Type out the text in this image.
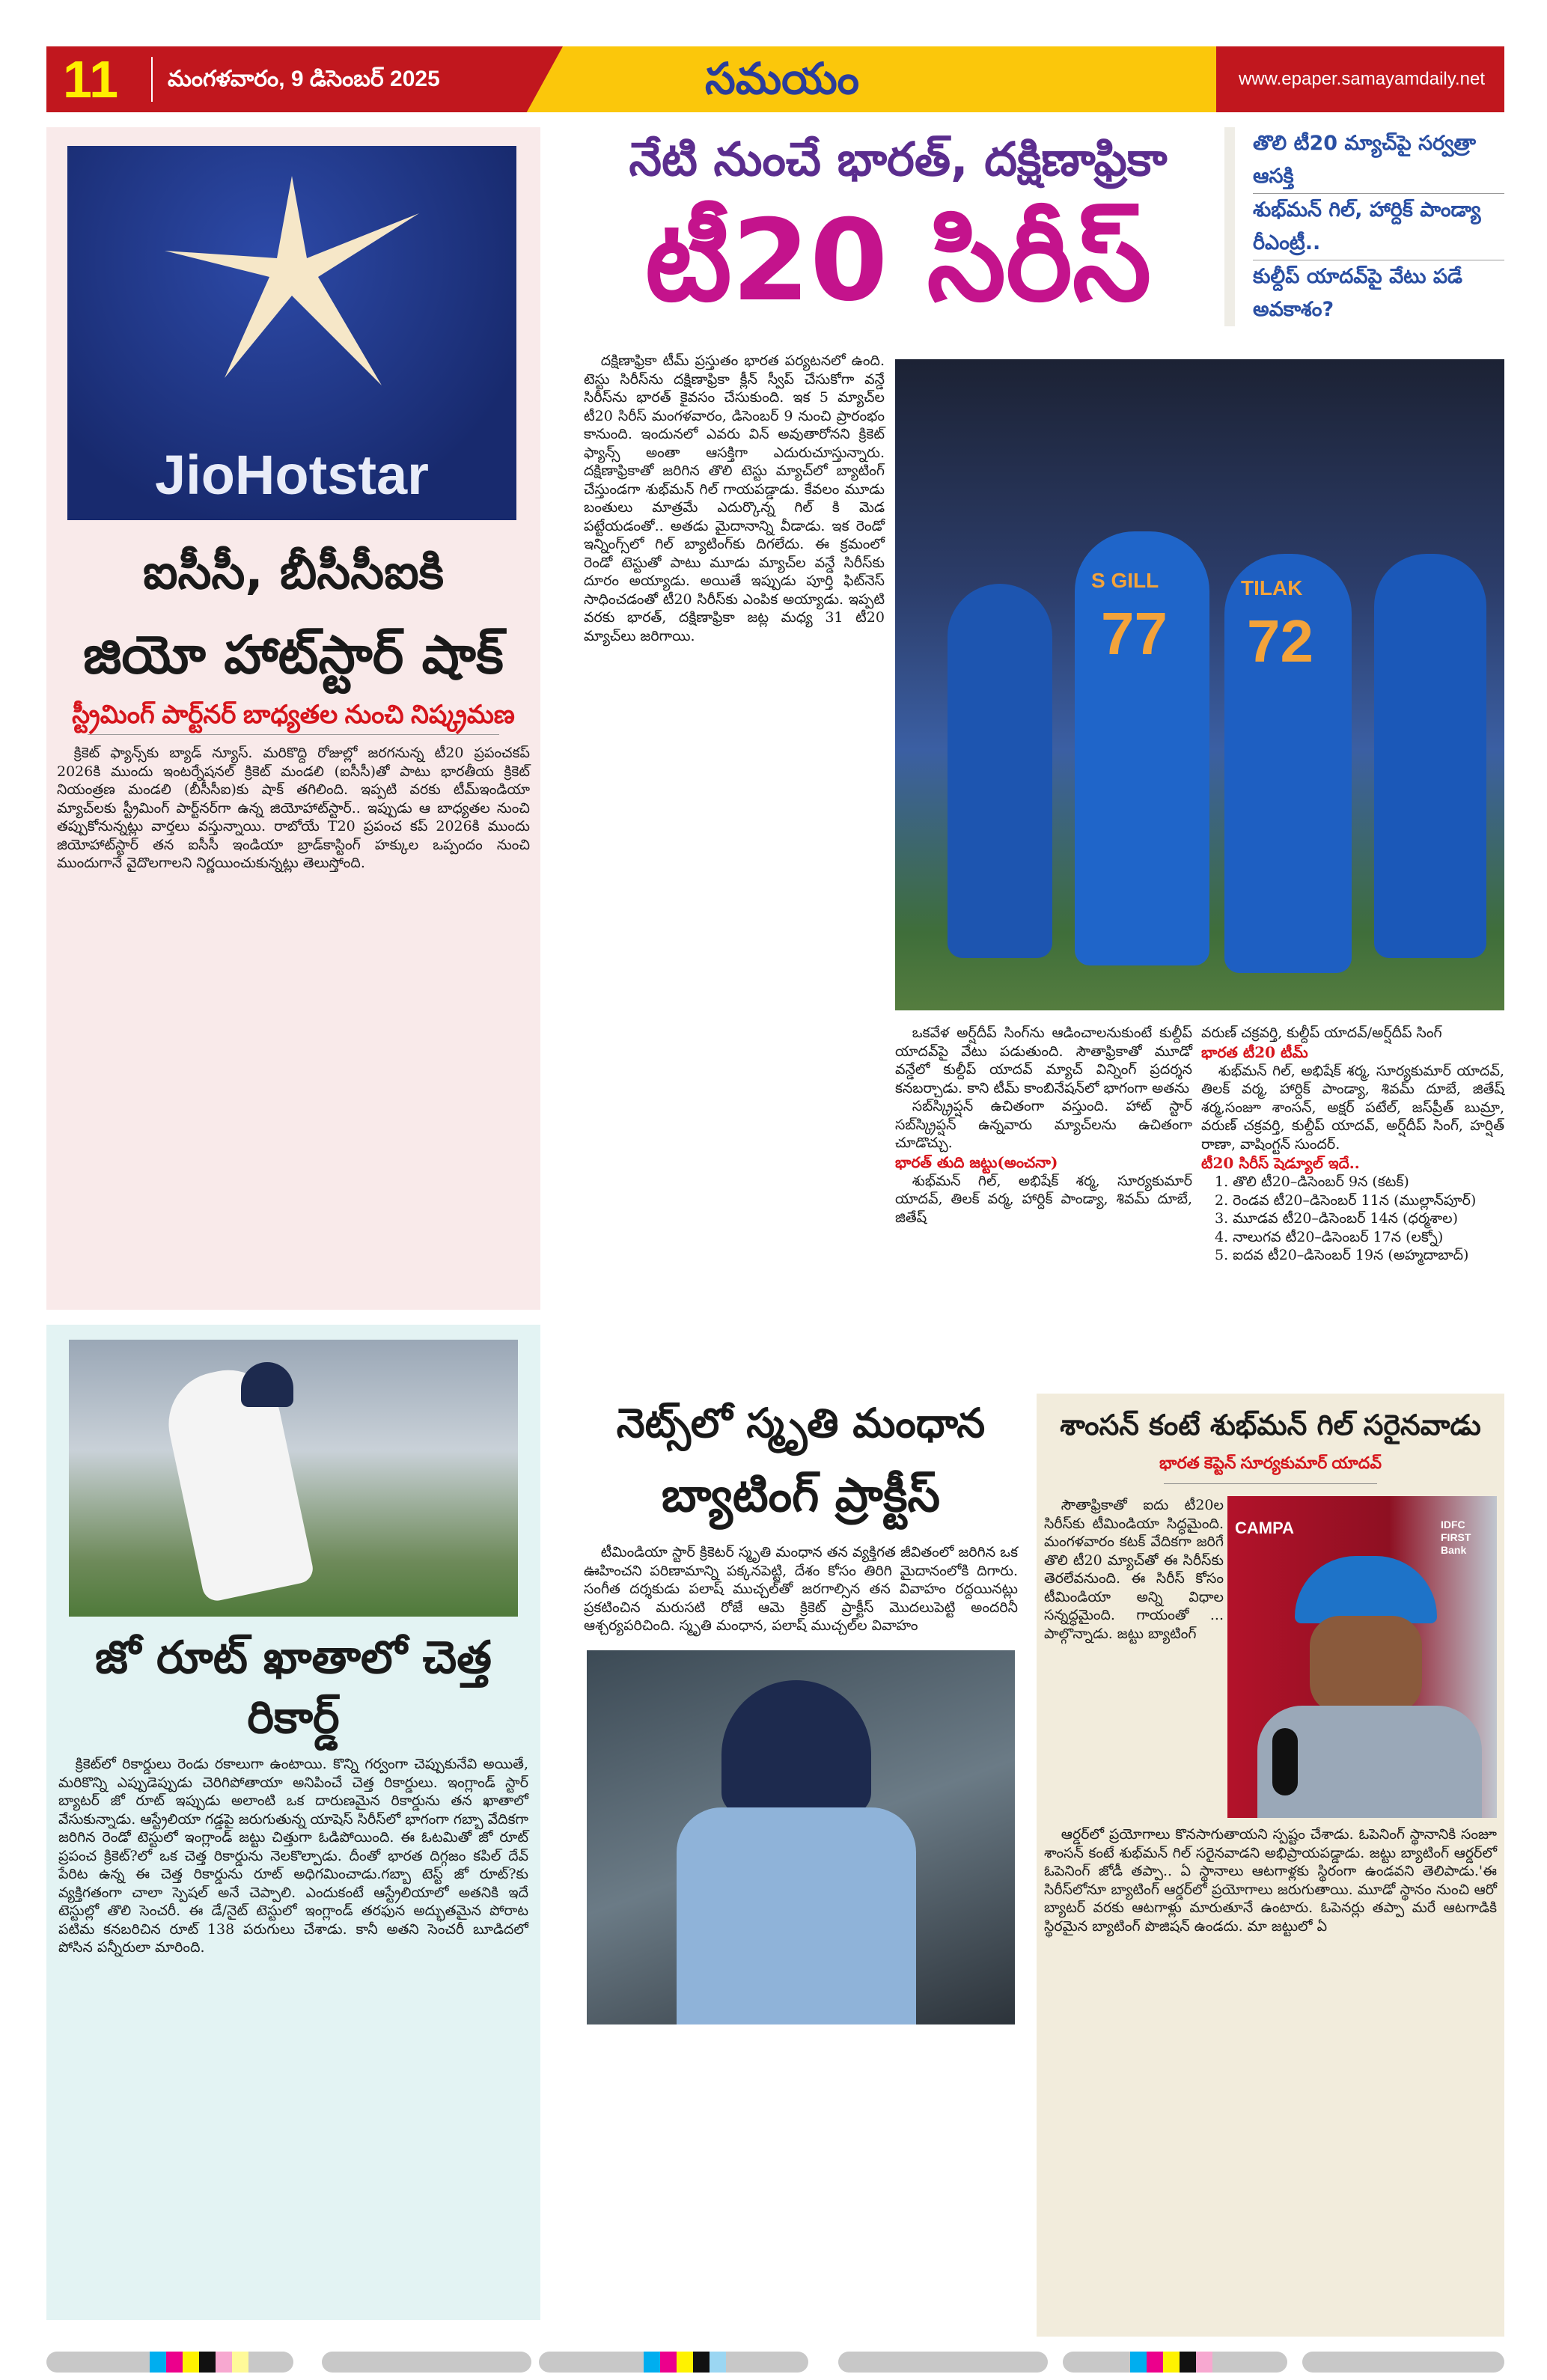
11 మంగళవారం, 9 డిసెంబర్ 2025	సమయం	www.epaper.samayamdaily.net
JioHotstar
ఐసీసీ, బీసీసీఐకి
జియో హాట్‌స్టార్ షాక్
స్ట్రీమింగ్ పార్ట్‌నర్ బాధ్యతల నుంచి నిష్క్రమణ

క్రికెట్ ఫ్యాన్స్‌కు బ్యాడ్ న్యూస్. మరికొద్ది రోజుల్లో జరగనున్న టీ20 ప్రపంచకప్ 2026కి ముందు ఇంటర్నేషనల్ క్రికెట్ మండలి (ఐసీసీ)తో పాటు భారతీయ క్రికెట్ నియంత్రణ మండలి (బీసీసీఐ)కు షాక్ తగిలింది. ఇప్పటి వరకు టీమ్‌ఇండియా మ్యాచ్‌లకు స్ట్రీమింగ్ పార్ట్‌నర్‌గా ఉన్న జియోహాట్‌స్టార్.. ఇప్పుడు ఆ బాధ్యతల నుంచి తప్పుకోనున్నట్లు వార్తలు వస్తున్నాయి. రాబోయే T20 ప్రపంచ కప్ 2026కి ముందు జియోహాట్‌స్టార్ తన ఐసీసీ ఇండియా బ్రాడ్‌కాస్టింగ్ హక్కుల ఒప్పందం నుంచి ముందుగానే వైదొలగాలని నిర్ణయించుకున్నట్లు తెలుస్తోంది.

జో రూట్ ఖాతాలో చెత్త రికార్డ్

క్రికెట్‌లో రికార్డులు రెండు రకాలుగా ఉంటాయి. కొన్ని గర్వంగా చెప్పుకునేవి అయితే, మరికొన్ని ఎప్పుడెప్పుడు చెరిగిపోతాయా అనిపించే చెత్త రికార్డులు. ఇంగ్లాండ్ స్టార్ బ్యాటర్ జో రూట్ ఇప్పుడు అలాంటి ఒక దారుణమైన రికార్డును తన ఖాతాలో వేసుకున్నాడు. ఆస్ట్రేలియా గడ్డపై జరుగుతున్న యాషెస్ సిరీస్‌లో భాగంగా గబ్బా వేదికగా జరిగిన రెండో టెస్టులో ఇంగ్లాండ్ జట్టు చిత్తుగా ఓడిపోయింది. ఈ ఓటమితో జో రూట్ ప్రపంచ క్రికెట్?లో ఒక చెత్త రికార్డును నెలకొల్పాడు. దీంతో భారత దిగ్గజం కపిల్ దేవ్ పేరిట ఉన్న ఈ చెత్త రికార్డును రూట్ అధిగమించాడు.గబ్బా టెస్ట్ జో రూట్?కు వ్యక్తిగతంగా చాలా స్పెషల్ అనే చెప్పాలి. ఎందుకంటే ఆస్ట్రేలియాలో అతనికి ఇదే టెస్టుల్లో తొలి సెంచరీ. ఈ డే/నైట్ టెస్టులో ఇంగ్లాండ్ తరఫున అద్భుతమైన పోరాట పటిమ కనబరిచిన రూట్ 138 పరుగులు చేశాడు. కానీ అతని సెంచరీ బూడిదలో పోసిన పన్నీరులా మారింది.

నేటి నుంచే భారత్, దక్షిణాఫ్రికా
టీ20 సిరీస్
తొలి టీ20 మ్యాచ్‌పై సర్వత్రా ఆసక్తి
శుభ్‌మన్ గిల్, హార్దిక్ పాండ్యా రీఎంట్రీ..
కుల్దీప్ యాదవ్‌పై వేటు పడే అవకాశం?

దక్షిణాఫ్రికా టీమ్ ప్రస్తుతం భారత పర్యటనలో ఉంది. టెస్టు సిరీస్‌ను దక్షిణాఫ్రికా క్లీన్ స్వీప్ చేసుకోగా వన్డే సిరీస్‌ను భారత్ కైవసం చేసుకుంది. ఇక 5 మ్యాచ్‌ల టీ20 సిరీస్ మంగళవారం, డిసెంబర్ 9 నుంచి ప్రారంభం కానుంది. ఇందునలో ఎవరు విన్ అవుతారోనని క్రికెట్ ఫ్యాన్స్ అంతా ఆసక్తిగా ఎదురుచూస్తున్నారు. దక్షిణాఫ్రికాతో జరిగిన తొలి టెస్టు మ్యాచ్‌లో బ్యాటింగ్ చేస్తుండగా శుభ్‌మన్ గిల్ గాయపడ్డాడు. కేవలం మూడు బంతులు మాత్రమే ఎదుర్కొన్న గిల్ కి మెడ పట్టేయడంతో.. అతడు మైదానాన్ని వీడాడు. ఇక రెండో ఇన్నింగ్స్‌లో గిల్ బ్యాటింగ్‌కు దిగలేదు. ఈ క్రమంలో రెండో టెస్టుతో పాటు మూడు మ్యాచ్‌ల వన్డే సిరీస్‌కు దూరం అయ్యాడు. అయితే ఇప్పుడు పూర్తి ఫిట్‌నెస్ సాధించడంతో టీ20 సిరీస్‌కు ఎంపిక అయ్యాడు. ఇప్పటి వరకు భారత్, దక్షిణాఫ్రికా జట్ల మధ్య 31 టీ20 మ్యాచ్‌లు జరిగాయి.

S GILL
77
TILAK
72

ఒకవేళ అర్ష్‌దీప్ సింగ్‌ను ఆడించాలనుకుంటే కుల్దీప్ యాదవ్‌పై వేటు పడుతుంది. సౌతాఫ్రికాతో మూడో వన్డేలో కుల్దీప్ యాదవ్ మ్యాచ్ విన్నింగ్ ప్రదర్శన కనబర్చాడు. కాని టీమ్ కాంబినేషన్‌లో భాగంగా అతను

సబ్‌స్క్రిప్షన్ ఉచితంగా వస్తుంది. హాట్ స్టార్ సబ్‌స్క్రిప్షన్ ఉన్నవారు మ్యాచ్‌లను ఉచితంగా చూడొచ్చు.

భారత్ తుది జట్టు(అంచనా)

శుభ్‌మన్ గిల్, అభిషేక్ శర్మ, సూర్యకుమార్ యాదవ్, తిలక్ వర్మ, హార్దిక్ పాండ్యా, శివమ్ దూబే, జితేష్

వరుణ్ చక్రవర్తి, కుల్దీప్ యాదవ్/అర్ష్‌దీప్ సింగ్
భారత టీ20 టీమ్

శుభ్‌మన్ గిల్, అభిషేక్ శర్మ, సూర్యకుమార్ యాదవ్, తిలక్ వర్మ, హార్దిక్ పాండ్యా, శివమ్ దూబే, జితేష్ శర్మ,సంజూ శాంసన్, అక్షర్ పటేల్, జస్‌ప్రీత్ బుమ్రా, వరుణ్ చక్రవర్తి, కుల్దీప్ యాదవ్, అర్ష్‌దీప్ సింగ్, హర్షిత్ రాణా, వాషింగ్టన్ సుందర్.

టీ20 సిరీస్ షెడ్యూల్ ఇదే..
1. తొలి టీ20–డిసెంబర్ 9న (కటక్)
2. రెండవ టీ20–డిసెంబర్ 11న (ముల్లాన్‌పూర్)
3. మూడవ టీ20–డిసెంబర్ 14న (ధర్మశాల)
4. నాలుగవ టీ20–డిసెంబర్ 17న (లక్నో)
5. ఐదవ టీ20–డిసెంబర్ 19న (అహ్మదాబాద్)
నెట్స్‌లో స్మృతి మంధాన
బ్యాటింగ్ ప్రాక్టీస్

టీమిండియా స్టార్ క్రికెటర్ స్మృతి మంధాన తన వ్యక్తిగత జీవితంలో జరిగిన ఒక ఊహించని పరిణామాన్ని పక్కనపెట్టి, దేశం కోసం తిరిగి మైదానంలోకి దిగారు. సంగీత దర్శకుడు పలాష్ ముచ్చల్‌తో జరగాల్సిన తన వివాహం రద్దయినట్లు ప్రకటించిన మరుసటి రోజే ఆమె క్రికెట్ ప్రాక్టీస్ మొదలుపెట్టి అందరినీ ఆశ్చర్యపరిచింది. స్మృతి మంధాన, పలాష్ ముచ్చల్‌ల వివాహం

శాంసన్ కంటే శుభ్‌మన్ గిల్ సరైనవాడు
భారత కెప్టెన్ సూర్యకుమార్ యాదవ్

సౌతాఫ్రికాతో ఐదు టీ20ల సిరీస్‌కు టీమిండియా సిద్ధమైంది. మంగళవారం కటక్ వేదికగా జరిగే తొలి టీ20 మ్యాచ్‌తో ఈ సిరీస్‌కు తెరలేవనుంది. ఈ సిరీస్ కోసం టీమిండియా అన్ని విధాల సన్నద్ధమైంది. గాయంతో ... పాల్గొన్నాడు. జట్టు బ్యాటింగ్

CAMPA	IDFC FIRST Bank

ఆర్డర్‌లో ప్రయోగాలు కొనసాగుతాయని స్పష్టం చేశాడు. ఓపెనింగ్ స్థానానికి సంజూ శాంసన్ కంటే శుభ్‌మన్ గిల్ సరైనవాడని అభిప్రాయపడ్డాడు. జట్టు బ్యాటింగ్ ఆర్డర్‌లో ఓపెనింగ్ జోడీ తప్పా.. ఏ స్థానాలు ఆటగాళ్లకు స్థిరంగా ఉండవని తెలిపాడు.'ఈ సిరీస్‌లోనూ బ్యాటింగ్ ఆర్డర్‌లో ప్రయోగాలు జరుగుతాయి. మూడో స్థానం నుంచి ఆరో బ్యాటర్ వరకు ఆటగాళ్లు మారుతూనే ఉంటారు. ఓపెనర్లు తప్పా మరే ఆటగాడికి స్థిరమైన బ్యాటింగ్ పొజిషన్ ఉండదు. మా జట్టులో ఏ
